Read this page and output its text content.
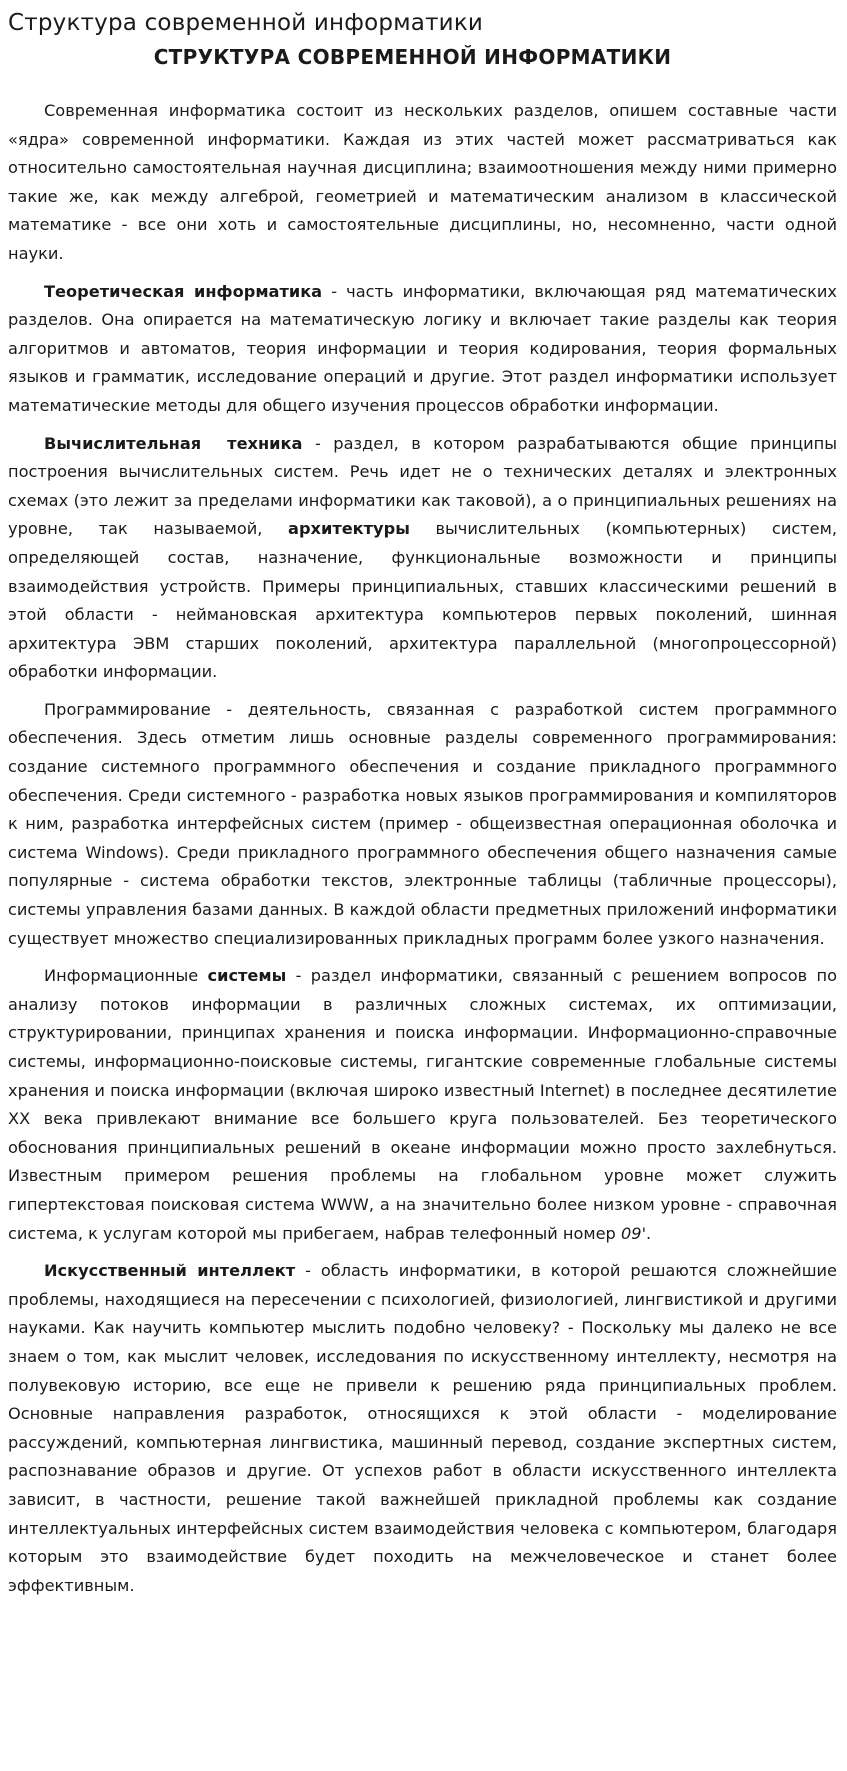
Структура современной информатики
СТРУКТУРА СОВРЕМЕННОЙ ИНФОРМАТИКИ

Современная информатика состоит из нескольких разделов, опишем составные части «ядра» современной информатики. Каждая из этих частей может рассматриваться как относительно самостоятельная научная дисциплина; взаимоотношения между ними примерно такие же, как между алгеброй, геометрией и математическим анализом в классической математике - все они хоть и самостоятельные дисциплины, но, несомненно, части одной науки.

Теоретическая информатика - часть информатики, включающая ряд математических разделов. Она опирается на математическую логику и включает такие разделы как теория алгоритмов и автоматов, теория информации и теория кодирования, теория формальных языков и грамматик, исследование операций и другие. Этот раздел информатики использует математические методы для общего изучения процессов обработки информации.

Вычислительная  техника - раздел, в котором разрабатываются общие принципы построения вычислительных систем. Речь идет не о технических деталях и электронных схемах (это лежит за пределами информатики как таковой), а о принципиальных решениях на уровне, так называемой, архитектуры вычислительных (компьютерных) систем, определяющей состав, назначение, функциональные возможности и принципы взаимодействия устройств. Примеры принципиальных, ставших классическими решений в этой области - неймановская архитектура компьютеров первых поколений, шинная архитектура ЭВМ старших поколений, архитектура параллельной (многопроцессорной) обработки информации.

Программирование - деятельность, связанная с разработкой систем программного обеспечения. Здесь отметим лишь основные разделы современного программирования: создание системного программного обеспечения и создание прикладного программного обеспечения. Среди системного - разработка новых языков программирования и компиляторов к ним, разработка интерфейсных систем (пример - общеизвестная операционная оболочка и система Windows). Среди прикладного программного обеспечения общего назначения самые популярные - система обработки текстов, электронные таблицы (табличные процессоры), системы управления базами данных. В каждой области предметных приложений информатики существует множество специализированных прикладных программ более узкого назначения.

Информационные системы - раздел информатики, связанный с решением вопросов по анализу потоков информации в различных сложных системах, их оптимизации, структурировании, принципах хранения и поиска информации. Информационно-справочные системы, информационно-поисковые системы, гигантские современные глобальные системы хранения и поиска информации (включая широко известный Internet) в последнее десятилетие XX века привлекают внимание все большего круга пользователей. Без теоретического обоснования принципиальных решений в океане информации можно просто захлебнуться. Известным примером решения проблемы на глобальном уровне может служить гипертекстовая поисковая система WWW, а на значительно более низком уровне - справочная система, к услугам которой мы прибегаем, набрав телефонный номер 09'.

Искусственный интеллект - область информатики, в которой решаются сложнейшие проблемы, находящиеся на пересечении с психологией, физиологией, лингвистикой и другими науками. Как научить компьютер мыслить подобно человеку? - Поскольку мы далеко не все знаем о том, как мыслит человек, исследования по искусственному интеллекту, несмотря на полувековую историю, все еще не привели к решению ряда принципиальных проблем. Основные направления разработок, относящихся к этой области - моделирование рассуждений, компьютерная лингвистика, машинный перевод, создание экспертных систем, распознавание образов и другие. От успехов работ в области искусственного интеллекта зависит, в частности, решение такой важнейшей прикладной проблемы как создание интеллектуальных интерфейсных систем взаимодействия человека с компьютером, благодаря которым это взаимодействие будет походить на межчеловеческое и станет более эффективным.
